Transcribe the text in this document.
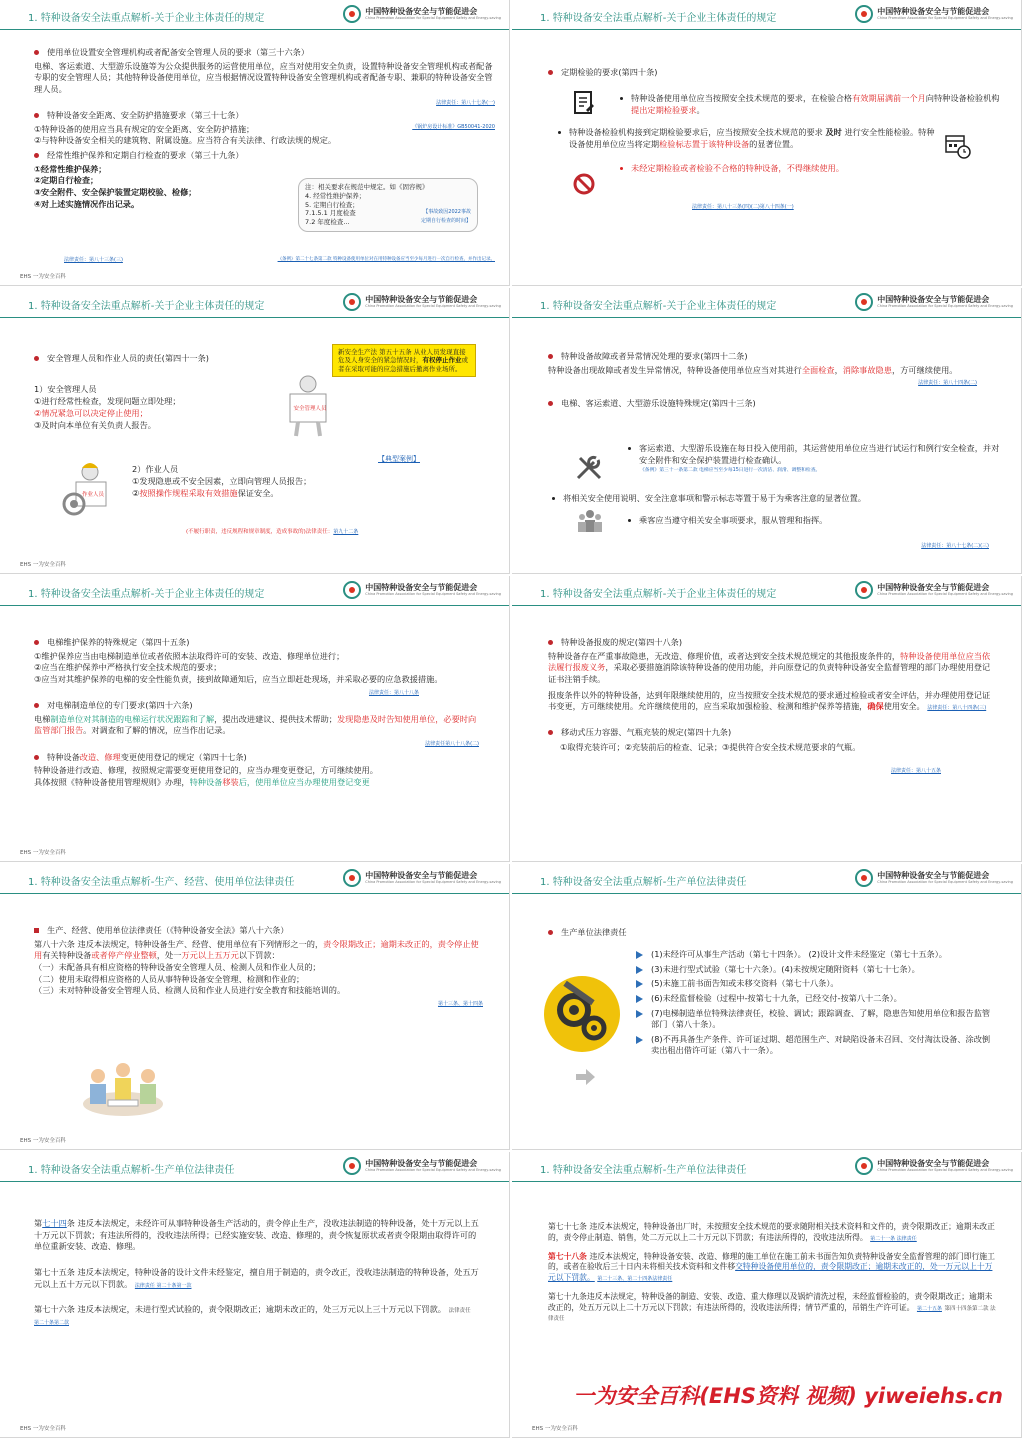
1. 特种设备安全法重点解析-关于企业主体责任的规定
中国特种设备安全与节能促进会
China Promotion Association for Special Equipment Safety and Energy-saving
使用单位设置安全管理机构或者配备安全管理人员的要求（第三十六条）

电梯、客运索道、大型游乐设施等为公众提供服务的运营使用单位，应当对使用安全负责，设置特种设备安全管理机构或者配备专职的安全管理人员；其他特种设备使用单位，应当根据情况设置特种设备安全管理机构或者配备专职、兼职的特种设备安全管理人员。

法律责任：第八十七条(一)
特种设备安全距离、安全防护措施要求（第三十七条）
①特种设备的使用应当具有规定的安全距离、安全防护措施；	《锅炉房设计标准》GB50041-2020

②与特种设备安全相关的建筑物、附属设施。应当符合有关法律、行政法规的规定。

经常性维护保养和定期自行检查的要求（第三十九条）

①经常性维护保养；

②定期自行检查；

③安全附件、安全保护装置定期校验、检修；

④对上述实施情况作出记录。

注：相关要求在规范中规定。如《固容规》
4. 经常性维护保养；
5. 定期自行检查；
7.1.5.1 月度检查	【事故致因2022事故
7.2 年度检查...	定期自行检查的时间】
法律责任：第八十三条(三)	《条例》第二十七条第二款 特种设备使用单位对在用特种设备应当至少每月进行一次自行检查，并作出记录。
EHS 一为安全百科
1. 特种设备安全法重点解析-关于企业主体责任的规定
中国特种设备安全与节能促进会
China Promotion Association for Special Equipment Safety and Energy-saving
定期检验的要求(第四十条)
特种设备使用单位应当按照安全技术规范的要求，在检验合格有效期届满前一个月向特种设备检验机构提出定期检验要求。
特种设备检验机构接到定期检验要求后，应当按照安全技术规范的要求 及时 进行安全性能检验。特种设备使用单位应当将定期检验标志置于该特种设备的显著位置。
未经定期检验或者检验不合格的特种设备，不得继续使用。
法律责任：第八十三条(四)(二)第八十四条(一)
1. 特种设备安全法重点解析-关于企业主体责任的规定
中国特种设备安全与节能促进会
China Promotion Association for Special Equipment Safety and Energy-saving
安全管理人员和作业人员的责任(第四十一条)
新安全生产法 第五十五条 从业人员发现直接危及人身安全的紧急情况时，有权停止作业或者在采取可能的应急措施后撤离作业场所。
安全管理人员

1）安全管理人员

①进行经常性检查，发现问题立即处理；

②情况紧急可以决定停止使用；

③及时向本单位有关负责人报告。

【典型案例】
作业人员

2）作业人员

①发现隐患或不安全因素，立即向管理人员报告；

②按照操作规程采取有效措施保证安全。

(不履行职责，违反规程和规章制度，造成事故的)法律责任：第九十二条
EHS 一为安全百科
1. 特种设备安全法重点解析-关于企业主体责任的规定
中国特种设备安全与节能促进会
China Promotion Association for Special Equipment Safety and Energy-saving
特种设备故障或者异常情况处理的要求(第四十二条)

特种设备出现故障或者发生异常情况，特种设备使用单位应当对其进行全面检查，消除事故隐患，方可继续使用。

法律责任：第八十四条(二)
电梯、客运索道、大型游乐设施特殊规定(第四十三条)
客运索道、大型游乐设施在每日投入使用前，其运营使用单位应当进行试运行和例行安全检查，并对安全附件和安全保护装置进行检查确认。

《条例》第三十一条第二款 电梯应当至少每15日进行一次清洁、润滑、调整和检查。

将相关安全使用说明、安全注意事项和警示标志等置于易于为乘客注意的显著位置。
乘客应当遵守相关安全事项要求，服从管理和指挥。
法律责任：第八十七条(二)(三)
1. 特种设备安全法重点解析-关于企业主体责任的规定
中国特种设备安全与节能促进会
China Promotion Association for Special Equipment Safety and Energy-saving
电梯维护保养的特殊规定（第四十五条)

①维护保养应当由电梯制造单位或者依照本法取得许可的安装、改造、修理单位进行；

②应当在维护保养中严格执行安全技术规范的要求；

③应当对其维护保养的电梯的安全性能负责，接到故障通知后，应当立即赶赴现场，并采取必要的应急救援措施。

法律责任：第八十八条
对电梯制造单位的专门要求(第四十六条)

电梯制造单位对其制造的电梯运行状况跟踪和了解，提出改进建议、提供技术帮助；发现隐患及时告知使用单位，必要时向监管部门报告。对调查和了解的情况，应当作出记录。

法律责任第八十八条(二)
特种设备改造、修理变更使用登记的规定（第四十七条)

特种设备进行改造、修理，按照规定需要变更使用登记的，应当办理变更登记，方可继续使用。

具体按照《特种设备使用管理规则》办理，特种设备移装后，使用单位应当办理使用登记变更

EHS 一为安全百科
1. 特种设备安全法重点解析-关于企业主体责任的规定
中国特种设备安全与节能促进会
China Promotion Association for Special Equipment Safety and Energy-saving
特种设备报废的规定(第四十八条)

特种设备存在严重事故隐患，无改造、修理价值，或者达到安全技术规范规定的其他报废条件的，特种设备使用单位应当依法履行报废义务，采取必要措施消除该特种设备的使用功能，并向原登记的负责特种设备安全监督管理的部门办理使用登记证书注销手续。

报废条件以外的特种设备，达到年限继续使用的，应当按照安全技术规范的要求通过检验或者安全评估，并办理使用登记证书变更，方可继续使用。允许继续使用的，应当采取加强检验、检测和维护保养等措施，确保使用安全。 法律责任：第八十四条(三)

移动式压力容器、气瓶充装的规定(第四十九条)

①取得充装许可；②充装前后的检查、记录；③提供符合安全技术规范要求的气瓶。

法律责任：第八十五条
1. 特种设备安全法重点解析-生产、经营、使用单位法律责任
中国特种设备安全与节能促进会
China Promotion Association for Special Equipment Safety and Energy-saving
生产、经营、使用单位法律责任（《特种设备安全法》第八十六条）

第八十六条 违反本法规定，特种设备生产、经营、使用单位有下列情形之一的，责令限期改正；逾期未改正的，责令停止使用有关特种设备或者停产停业整顿，处一万元以上五万元以下罚款：

（一）未配备具有相应资格的特种设备安全管理人员、检测人员和作业人员的；

（二）使用未取得相应资格的人员从事特种设备安全管理、检测和作业的；

（三）未对特种设备安全管理人员、检测人员和作业人员进行安全教育和技能培训的。

第十三条、第十四条
EHS 一为安全百科
1. 特种设备安全法重点解析-生产单位法律责任
中国特种设备安全与节能促进会
China Promotion Association for Special Equipment Safety and Energy-saving
生产单位法律责任
(1)未经许可从事生产活动（第七十四条）。 (2)设计文件未经鉴定（第七十五条）。
(3)未进行型式试验（第七十六条）。(4)未按规定随附资料（第七十七条）。
(5)未施工前书面告知或未移交资料（第七十八条）。
(6)未经监督检验（过程中-按第七十九条，已经交付-按第八十二条）。
(7)电梯制造单位特殊法律责任，校验、调试；跟踪调查、了解，隐患告知使用单位和报告监管部门（第八十条）。
(8)不再具备生产条件、许可证过期、超范围生产、对缺陷设备未召回、交付淘汰设备、涂改倒卖出租出借许可证（第八十一条）。
1. 特种设备安全法重点解析-生产单位法律责任
中国特种设备安全与节能促进会
China Promotion Association for Special Equipment Safety and Energy-saving

第七十四条 违反本法规定，未经许可从事特种设备生产活动的，责令停止生产，没收违法制造的特种设备，处十万元以上五十万元以下罚款；有违法所得的，没收违法所得；已经实施安装、改造、修理的，责令恢复原状或者责令限期由取得许可的单位重新安装、改造、修理。

第七十五条 违反本法规定，特种设备的设计文件未经鉴定，擅自用于制造的，责令改正，没收违法制造的特种设备，处五万元以上五十万元以下罚款。 法律责任 第二十条第一款

第七十六条 违反本法规定，未进行型式试验的，责令限期改正；逾期未改正的，处三万元以上三十万元以下罚款。 法律责任 第二十条第二款

EHS 一为安全百科
1. 特种设备安全法重点解析-生产单位法律责任
中国特种设备安全与节能促进会
China Promotion Association for Special Equipment Safety and Energy-saving

第七十七条 违反本法规定，特种设备出厂时，未按照安全技术规范的要求随附相关技术资料和文件的，责令限期改正；逾期未改正的，责令停止制造、销售，处二万元以上二十万元以下罚款；有违法所得的，没收违法所得。 第二十一条 法律责任

第七十八条 违反本法规定，特种设备安装、改造、修理的施工单位在施工前未书面告知负责特种设备安全监督管理的部门即行施工的，或者在验收后三十日内未将相关技术资料和文件移交特种设备使用单位的，责令限期改正；逾期未改正的，处一万元以上十万元以下罚款。 第二十三条、第二十四条法律责任

第七十九条违反本法规定，特种设备的制造、安装、改造、重大修理以及锅炉清洗过程，未经监督检验的，责令限期改正；逾期未改正的，处五万元以上二十万元以下罚款；有违法所得的，没收违法所得；情节严重的，吊销生产许可证。 第二十五条 第四十四条第二款 法律责任

EHS 一为安全百科
一为安全百科(EHS资料 视频) yiweiehs.cn
